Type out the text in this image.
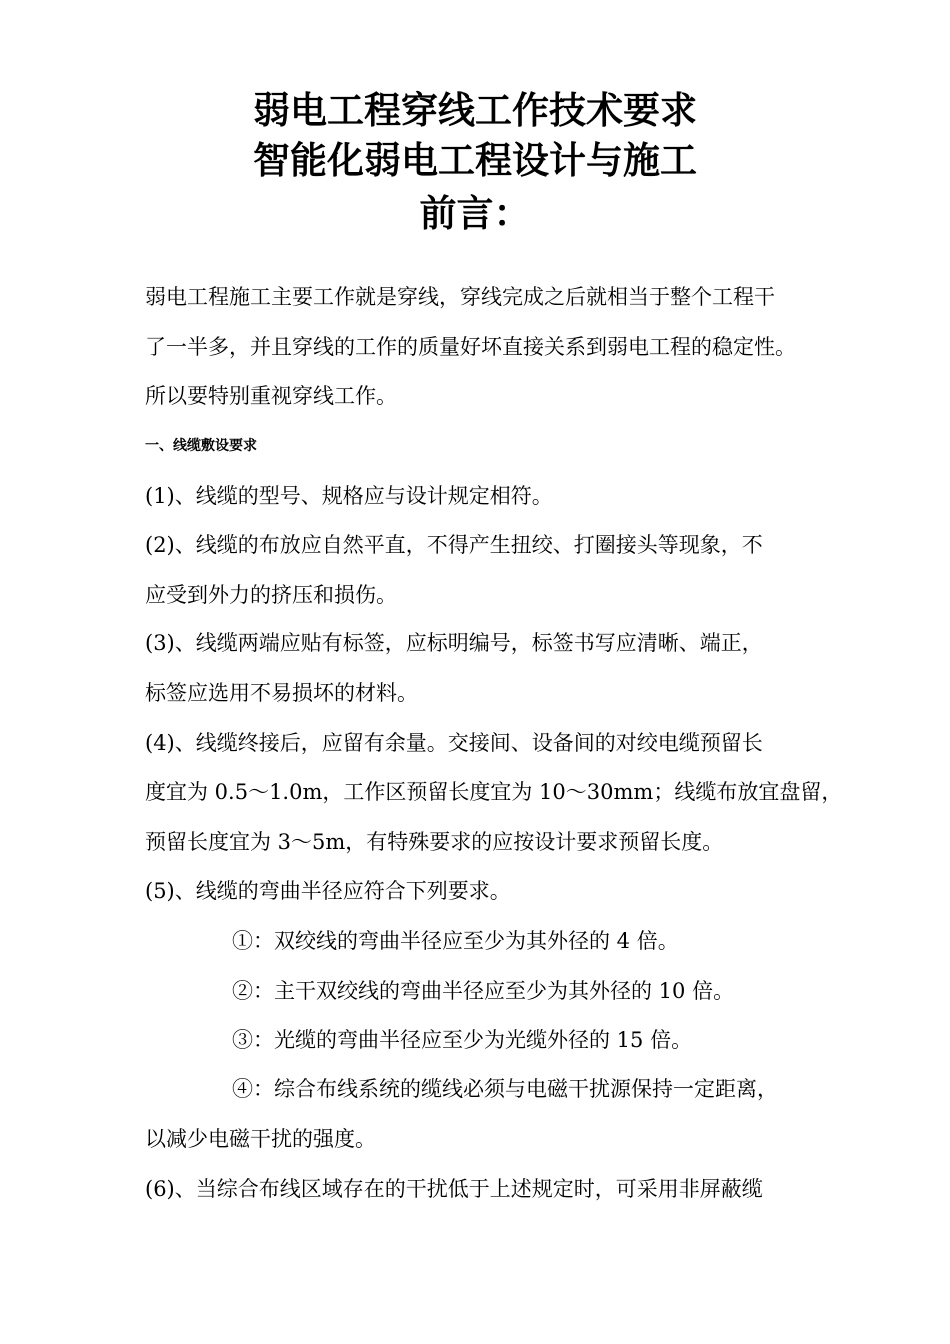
弱电工程穿线工作技术要求
智能化弱电工程设计与施工
前言：
弱电工程施工主要工作就是穿线，穿线完成之后就相当于整个工程干
了一半多，并且穿线的工作的质量好坏直接关系到弱电工程的稳定性。
所以要特别重视穿线工作。
一、线缆敷设要求
(1)、线缆的型号、规格应与设计规定相符。
(2)、线缆的布放应自然平直，不得产生扭绞、打圈接头等现象，不
应受到外力的挤压和损伤。
(3)、线缆两端应贴有标签，应标明编号，标签书写应清晰、端正，
标签应选用不易损坏的材料。
(4)、线缆终接后，应留有余量。交接间、设备间的对绞电缆预留长
度宜为 0.5～1.0m，工作区预留长度宜为 10～30mm；线缆布放宜盘留，
预留长度宜为 3～5m，有特殊要求的应按设计要求预留长度。
(5)、线缆的弯曲半径应符合下列要求。
①：双绞线的弯曲半径应至少为其外径的 4 倍。
②：主干双绞线的弯曲半径应至少为其外径的 10 倍。
③：光缆的弯曲半径应至少为光缆外径的 15 倍。
④：综合布线系统的缆线必须与电磁干扰源保持一定距离，
以减少电磁干扰的强度。
(6)、当综合布线区域存在的干扰低于上述规定时，可采用非屏蔽缆
